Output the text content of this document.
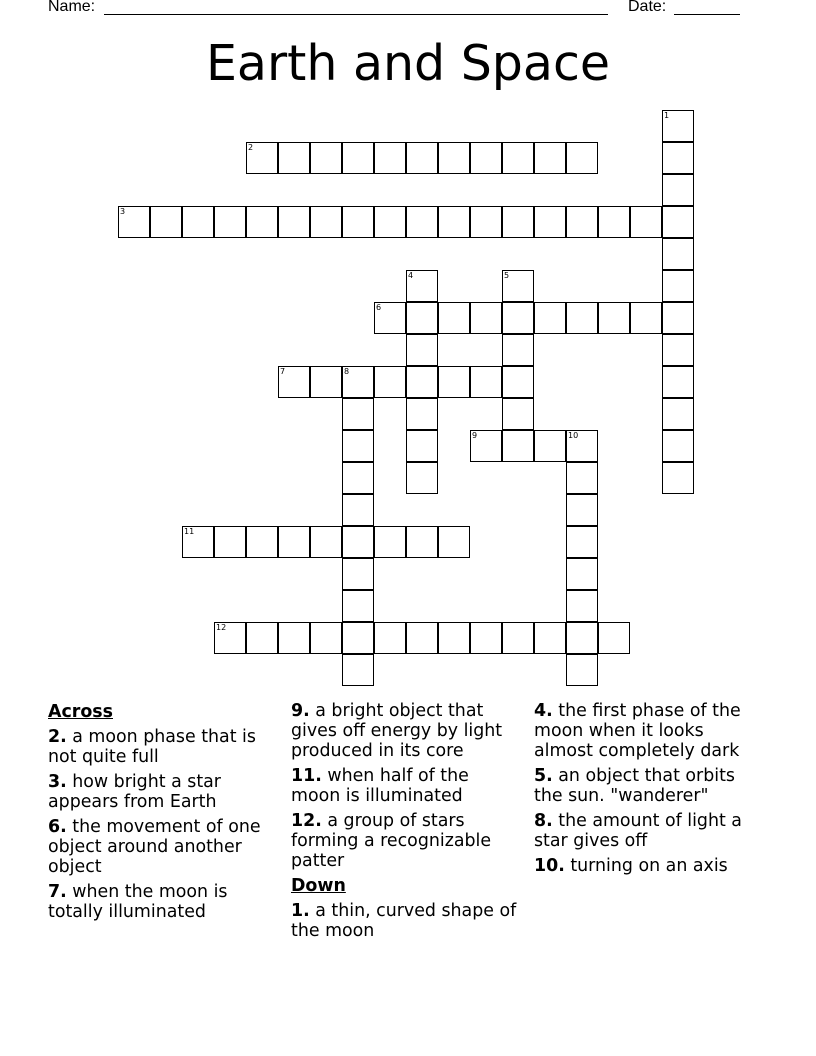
Name:	Date:
Earth and Space
1
2
3
4	5
6
7	8
9	10
11
12
Across
2. a moon phase that is not quite full
3. how bright a star appears from Earth
6. the movement of one object around another object
7. when the moon is totally illuminated
9. a bright object that gives off energy by light produced in its core
11. when half of the moon is illuminated
12. a group of stars forming a recognizable patter
Down
1. a thin, curved shape of the moon
4. the first phase of the moon when it looks almost completely dark
5. an object that orbits the sun. "wanderer"
8. the amount of light a star gives off
10. turning on an axis
